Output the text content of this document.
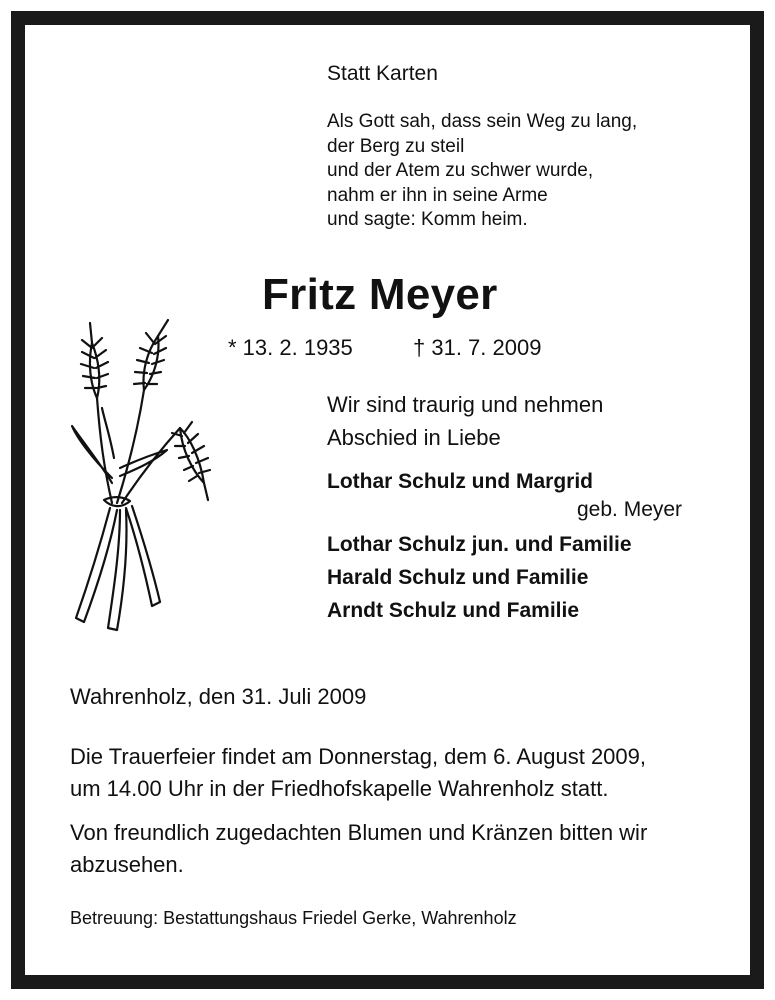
Statt Karten
Als Gott sah, dass sein Weg zu lang,
der Berg zu steil
und der Atem zu schwer wurde,
nahm er ihn in seine Arme
und sagte: Komm heim.
Fritz Meyer
* 13. 2. 1935	† 31. 7. 2009
Wir sind traurig und nehmen
Abschied in Liebe
Lothar Schulz und Margrid
geb. Meyer
Lothar Schulz jun. und Familie
Harald Schulz und Familie
Arndt Schulz und Familie
Wahrenholz, den 31. Juli 2009
Die Trauerfeier findet am Donnerstag, dem 6. August 2009,
um 14.00 Uhr in der Friedhofskapelle Wahrenholz statt.
Von freundlich zugedachten Blumen und Kränzen bitten wir
abzusehen.
Betreuung: Bestattungshaus Friedel Gerke, Wahrenholz
